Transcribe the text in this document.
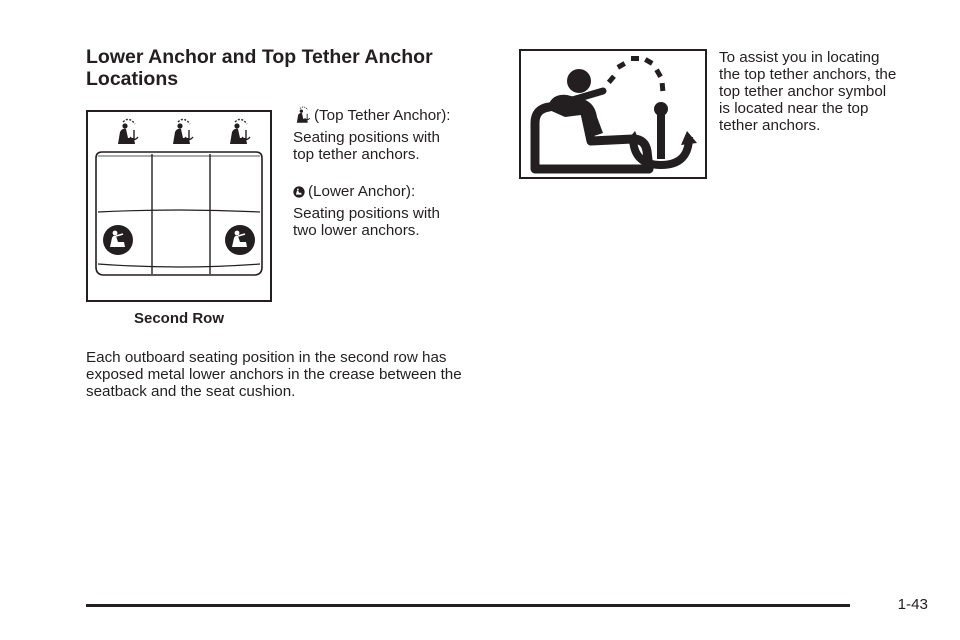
Lower Anchor and Top Tether Anchor
Locations
Second Row
(Top Tether Anchor):
Seating positions with
top tether anchors.
(Lower Anchor):
Seating positions with
two lower anchors.
Each outboard seating position in the second row has
exposed metal lower anchors in the crease between the
seatback and the seat cushion.
To assist you in locating
the top tether anchors, the
top tether anchor symbol
is located near the top
tether anchors.
1-43
